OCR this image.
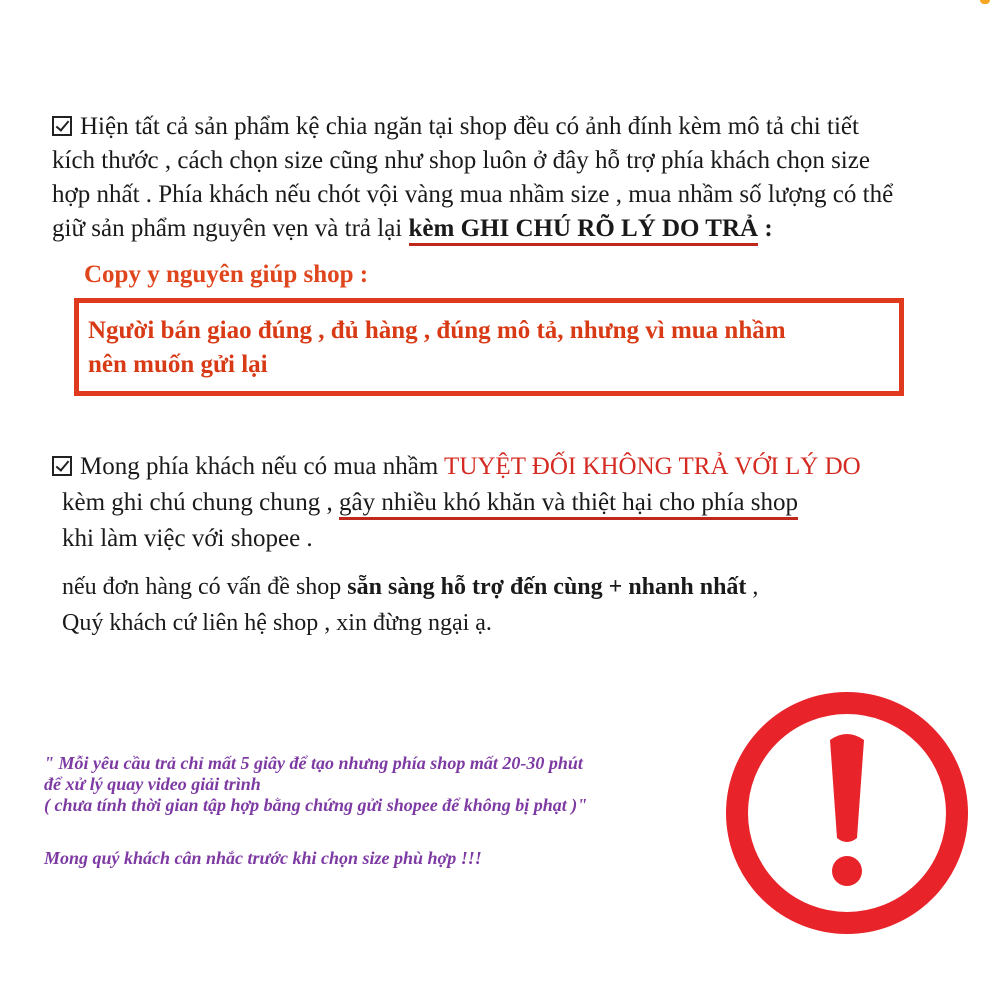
Hiện tất cả sản phẩm kệ chia ngăn tại shop đều có ảnh đính kèm mô tả chi tiết

kích thước , cách chọn size cũng như shop luôn ở đây hỗ trợ phía khách chọn size

hợp nhất . Phía khách nếu chót vội vàng mua nhầm size , mua nhầm số lượng có thể

giữ sản phẩm nguyên vẹn và trả lại kèm GHI CHÚ RÕ LÝ DO TRẢ :

Copy y nguyên giúp shop :

Người bán giao đúng , đủ hàng , đúng mô tả, nhưng vì mua nhầm
nên muốn gửi lại

Mong phía khách nếu có mua nhầm TUYỆT ĐỐI KHÔNG TRẢ VỚI LÝ DO

kèm ghi chú chung chung , gây nhiều khó khăn và thiệt hại cho phía shop

khi làm việc với shopee .

nếu đơn hàng có vấn đề shop sẵn sàng hỗ trợ đến cùng + nhanh nhất ,

Quý khách cứ liên hệ shop , xin đừng ngại ạ.

" Mỗi yêu cầu trả chỉ mất 5 giây để tạo nhưng phía shop mất 20-30 phút

để xử lý quay video giải trình

( chưa tính thời gian tập hợp bằng chứng gửi shopee để không bị phạt )"

Mong quý khách cân nhắc trước khi chọn size phù hợp !!!
